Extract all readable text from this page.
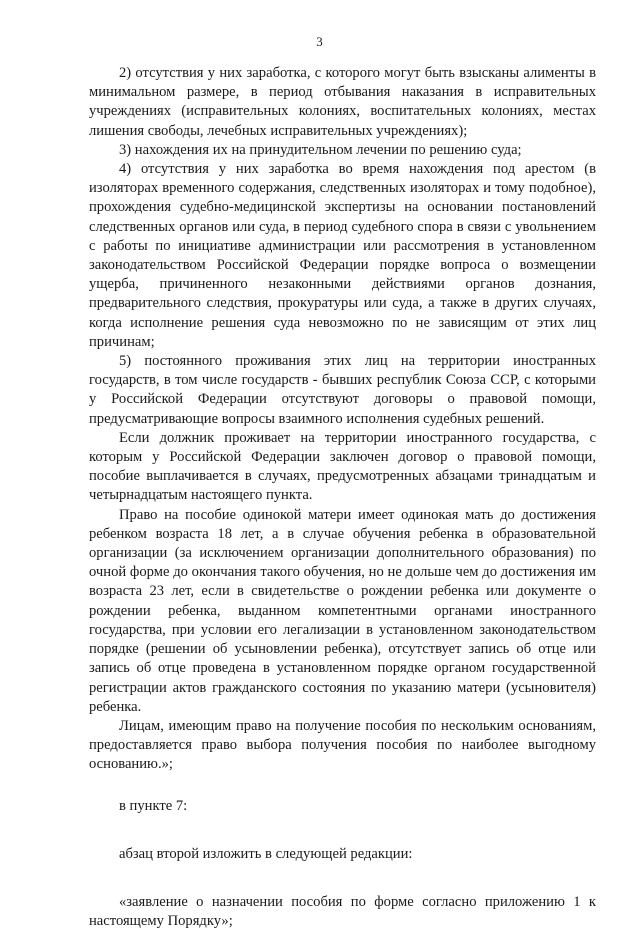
3

2) отсутствия у них заработка, с которого могут быть взысканы алименты в минимальном размере, в период отбывания наказания в исправительных учреждениях (исправительных колониях, воспитательных колониях, местах лишения свободы, лечебных исправительных учреждениях);

3) нахождения их на принудительном лечении по решению суда;

4) отсутствия у них заработка во время нахождения под арестом (в изоляторах временного содержания, следственных изоляторах и тому подобное), прохождения судебно-медицинской экспертизы на основании постановлений следственных органов или суда, в период судебного спора в связи с увольнением с работы по инициативе администрации или рассмотрения в установленном законодательством Российской Федерации порядке вопроса о возмещении ущерба, причиненного незаконными действиями органов дознания, предварительного следствия, прокуратуры или суда, а также в других случаях, когда исполнение решения суда невозможно по не зависящим от этих лиц причинам;

5) постоянного проживания этих лиц на территории иностранных государств, в том числе государств - бывших республик Союза ССР, с которыми у Российской Федерации отсутствуют договоры о правовой помощи, предусматривающие вопросы взаимного исполнения судебных решений.

Если должник проживает на территории иностранного государства, с которым у Российской Федерации заключен договор о правовой помощи, пособие выплачивается в случаях, предусмотренных абзацами тринадцатым и четырнадцатым настоящего пункта.

Право на пособие одинокой матери имеет одинокая мать до достижения ребенком возраста 18 лет, а в случае обучения ребенка в образовательной организации (за исключением организации дополнительного образования) по очной форме до окончания такого обучения, но не дольше чем до достижения им возраста 23 лет, если в свидетельстве о рождении ребенка или документе о рождении ребенка, выданном компетентными органами иностранного государства, при условии его легализации в установленном законодательством порядке (решении об усыновлении ребенка), отсутствует запись об отце или запись об отце проведена в установленном порядке органом государственной регистрации актов гражданского состояния по указанию матери (усыновителя) ребенка.

Лицам, имеющим право на получение пособия по нескольким основаниям, предоставляется право выбора получения пособия по наиболее выгодному основанию.»;

в пункте 7:

абзац второй изложить в следующей редакции:

«заявление о назначении пособия по форме согласно приложению 1 к настоящему Порядку»;
